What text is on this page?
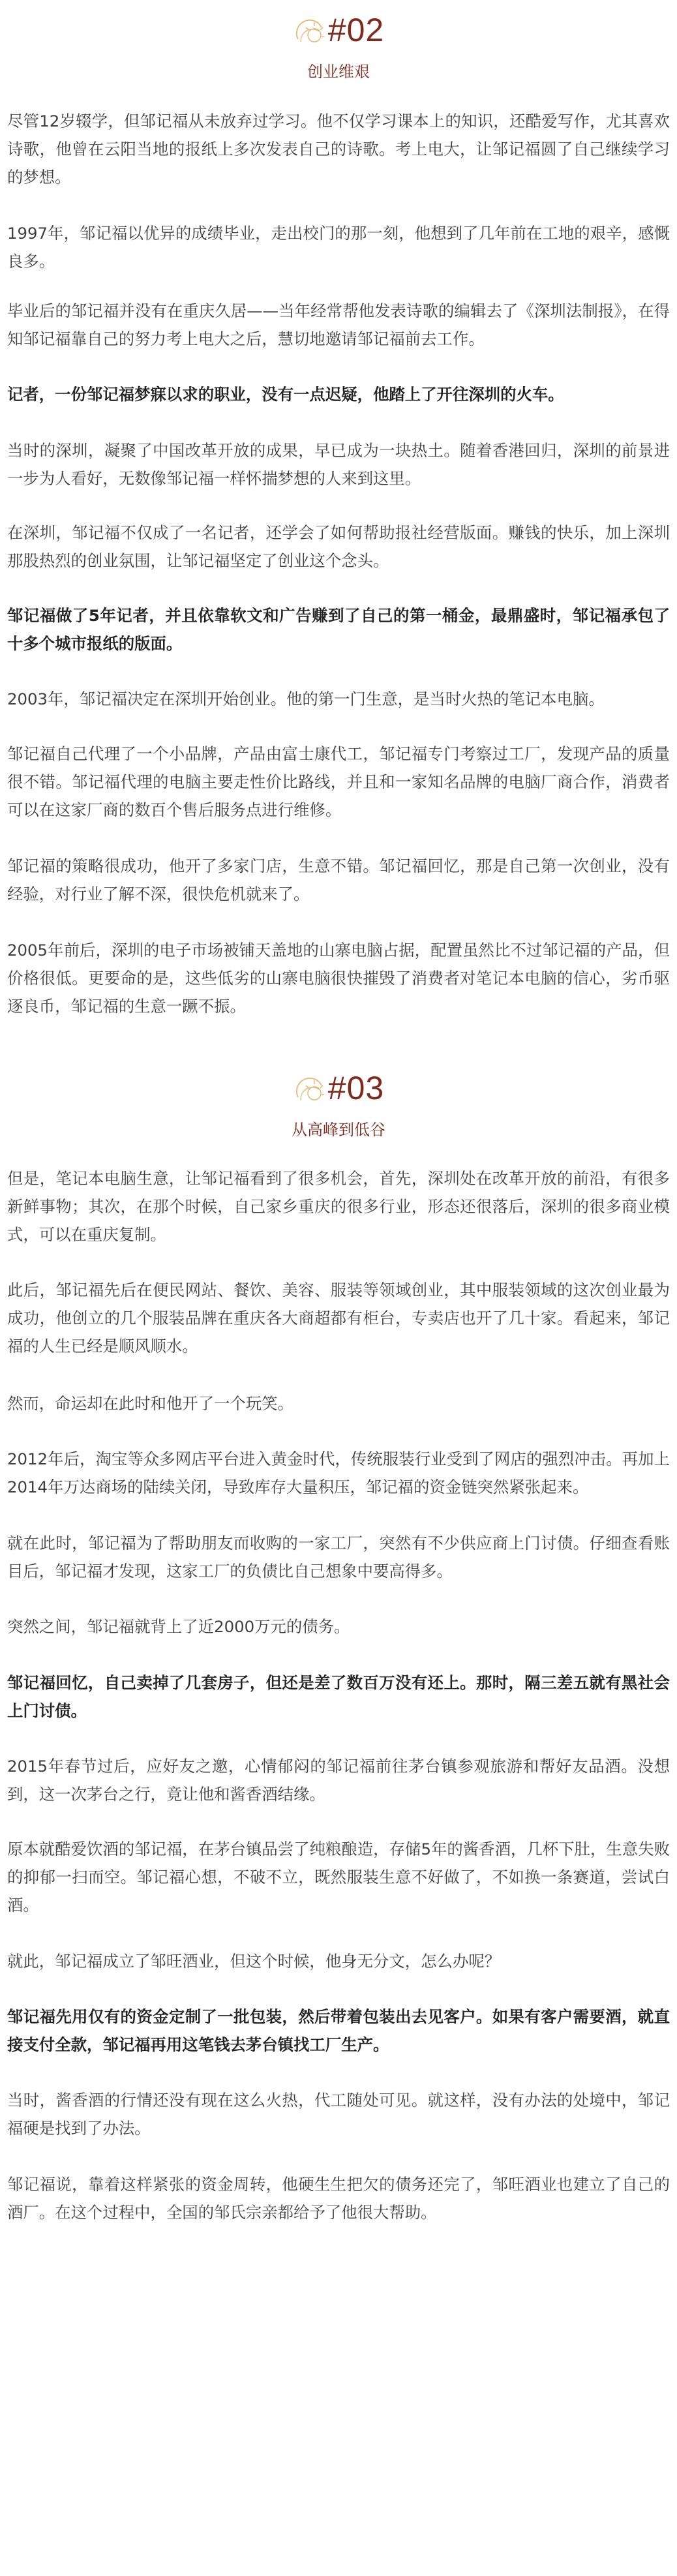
#02
创业维艰

尽管12岁辍学，但邹记福从未放弃过学习。他不仅学习课本上的知识，还酷爱写作，尤其喜欢诗歌，他曾在云阳当地的报纸上多次发表自己的诗歌。考上电大，让邹记福圆了自己继续学习的梦想。

1997年，邹记福以优异的成绩毕业，走出校门的那一刻，他想到了几年前在工地的艰辛，感慨良多。

毕业后的邹记福并没有在重庆久居——当年经常帮他发表诗歌的编辑去了《深圳法制报》，在得知邹记福靠自己的努力考上电大之后，慧切地邀请邹记福前去工作。

记者，一份邹记福梦寐以求的职业，没有一点迟疑，他踏上了开往深圳的火车。

当时的深圳，凝聚了中国改革开放的成果，早已成为一块热土。随着香港回归，深圳的前景进一步为人看好，无数像邹记福一样怀揣梦想的人来到这里。

在深圳，邹记福不仅成了一名记者，还学会了如何帮助报社经营版面。赚钱的快乐，加上深圳那股热烈的创业氛围，让邹记福坚定了创业这个念头。

邹记福做了5年记者，并且依靠软文和广告赚到了自己的第一桶金，最鼎盛时，邹记福承包了十多个城市报纸的版面。

2003年，邹记福决定在深圳开始创业。他的第一门生意，是当时火热的笔记本电脑。

邹记福自己代理了一个小品牌，产品由富士康代工，邹记福专门考察过工厂，发现产品的质量很不错。邹记福代理的电脑主要走性价比路线，并且和一家知名品牌的电脑厂商合作，消费者可以在这家厂商的数百个售后服务点进行维修。

邹记福的策略很成功，他开了多家门店，生意不错。邹记福回忆，那是自己第一次创业，没有经验，对行业了解不深，很快危机就来了。

2005年前后，深圳的电子市场被铺天盖地的山寨电脑占据，配置虽然比不过邹记福的产品，但价格很低。更要命的是，这些低劣的山寨电脑很快摧毁了消费者对笔记本电脑的信心，劣币驱逐良币，邹记福的生意一蹶不振。

#03
从高峰到低谷

但是，笔记本电脑生意，让邹记福看到了很多机会，首先，深圳处在改革开放的前沿，有很多新鲜事物；其次，在那个时候，自己家乡重庆的很多行业，形态还很落后，深圳的很多商业模式，可以在重庆复制。

此后，邹记福先后在便民网站、餐饮、美容、服装等领域创业，其中服装领域的这次创业最为成功，他创立的几个服装品牌在重庆各大商超都有柜台，专卖店也开了几十家。看起来，邹记福的人生已经是顺风顺水。

然而，命运却在此时和他开了一个玩笑。

2012年后，淘宝等众多网店平台进入黄金时代，传统服装行业受到了网店的强烈冲击。再加上2014年万达商场的陆续关闭，导致库存大量积压，邹记福的资金链突然紧张起来。

就在此时，邹记福为了帮助朋友而收购的一家工厂，突然有不少供应商上门讨债。仔细查看账目后，邹记福才发现，这家工厂的负债比自己想象中要高得多。

突然之间，邹记福就背上了近2000万元的债务。

邹记福回忆，自己卖掉了几套房子，但还是差了数百万没有还上。那时，隔三差五就有黑社会上门讨债。

2015年春节过后，应好友之邀，心情郁闷的邹记福前往茅台镇参观旅游和帮好友品酒。没想到，这一次茅台之行，竟让他和酱香酒结缘。

原本就酷爱饮酒的邹记福，在茅台镇品尝了纯粮酿造，存储5年的酱香酒，几杯下肚，生意失败的抑郁一扫而空。邹记福心想，不破不立，既然服装生意不好做了，不如换一条赛道，尝试白酒。

就此，邹记福成立了邹旺酒业，但这个时候，他身无分文，怎么办呢？

邹记福先用仅有的资金定制了一批包装，然后带着包装出去见客户。如果有客户需要酒，就直接支付全款，邹记福再用这笔钱去茅台镇找工厂生产。

当时，酱香酒的行情还没有现在这么火热，代工随处可见。就这样，没有办法的处境中，邹记福硬是找到了办法。

邹记福说，靠着这样紧张的资金周转，他硬生生把欠的债务还完了，邹旺酒业也建立了自己的酒厂。在这个过程中，全国的邹氏宗亲都给予了他很大帮助。
